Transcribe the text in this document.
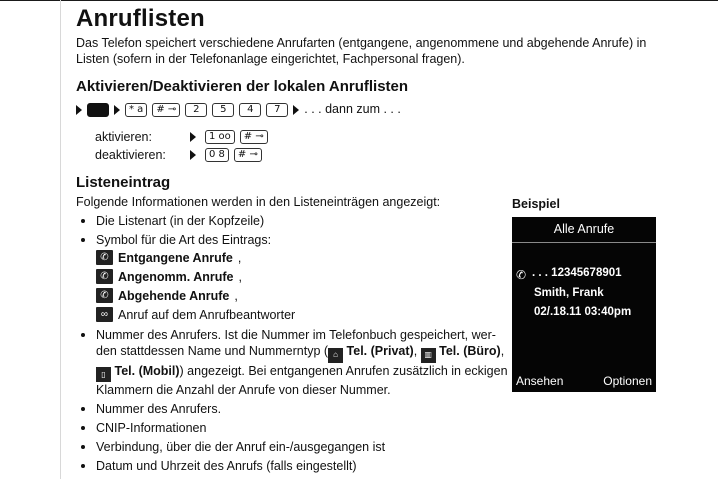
Anruflisten
Das Telefon speichert verschiedene Anrufarten (entgangene, angenommene und abgehende Anrufe) in
Listen (sofern in der Telefonanlage eingerichtet, Fachpersonal fragen).
Aktivieren/Deaktivieren der lokalen Anruflisten
* a	# ⊸	2	5	4	7	. . . dann zum . . .
aktivieren:	1 oo	# ⊸
deaktivieren:	0 8	# ⊸
Listeneintrag
Folgende Informationen werden in den Listeneinträgen angezeigt:
Die Listenart (in der Kopfzeile)
Symbol für die Art des Eintrags:
✆ Entgangene Anrufe ,
✆ Angenomm. Anrufe ,
✆ Abgehende Anrufe ,
∞ Anruf auf dem Anrufbeantworter
Nummer des Anrufers. Ist die Nummer im Telefonbuch gespeichert, wer-
den stattdessen Name und Nummerntyp ( ⌂ Tel. (Privat), ▥ Tel. (Büro),
▯ Tel. (Mobil)) angezeigt. Bei entgangenen Anrufen zusätzlich in eckigen
Klammern die Anzahl der Anrufe von dieser Nummer.
Nummer des Anrufers.
CNIP-Informationen
Verbindung, über die der Anruf ein-/ausgegangen ist
Datum und Uhrzeit des Anrufs (falls eingestellt)
Beispiel
Alle Anrufe
✆ . . . 12345678901
Smith, Frank
02/.18.11 03:40pm
Ansehen	Optionen
